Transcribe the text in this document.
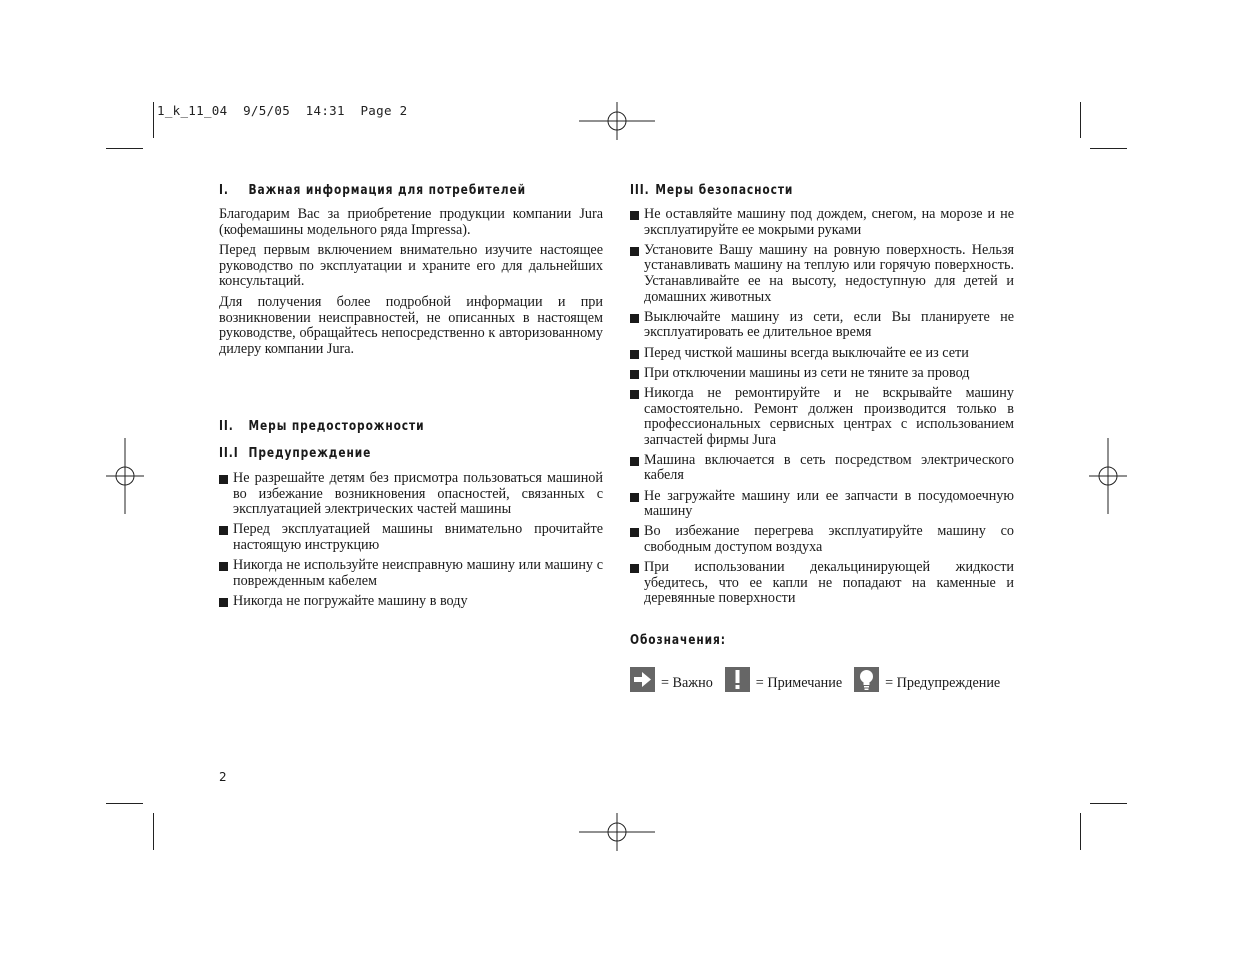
1_k_11_04  9/5/05  14:31  Page 2
I. Важная информация для потребителей

Благодарим Вас за приобретение продукции компании Jura (кофемашины модельного ряда Impressa).

Перед первым включением внимательно изучите настоящее руководство по эксплуатации и храните его для дальнейших консультаций.

Для получения более подробной информации и при возникновении неисправностей, не описанных в настоящем руководстве, обращайтесь непосредственно к авторизованному дилеру компании Jura.

II. Меры предосторожности
II.I Предупреждение
Не разрешайте детям без присмотра пользоваться машиной во избежание возникновения опасностей, связанных с эксплуатацией электрических частей машины
Перед эксплуатацией машины внимательно прочитайте настоящую инструкцию
Никогда не используйте неисправную машину или машину с поврежденным кабелем
Никогда не погружайте машину в воду
III. Меры безопасности
Не оставляйте машину под дождем, снегом, на морозе и не эксплуатируйте ее мокрыми руками
Установите Вашу машину на ровную поверхность. Нельзя устанавливать машину на теплую или горячую поверхность. Устанавливайте ее на высоту, недоступную для детей и домашних животных
Выключайте машину из сети, если Вы планируете не эксплуатировать ее длительное время
Перед чисткой машины всегда выключайте ее из сети
При отключении машины из сети не тяните за провод
Никогда не ремонтируйте и не вскрывайте машину самостоятельно. Ремонт должен производится только в профессиональных сервисных центрах с использованием запчастей фирмы Jura
Машина включается в сеть посредством электрического кабеля
Не загружайте машину или ее запчасти в посудомоечную машину
Во избежание перегрева эксплуатируйте машину со свободным доступом воздуха
При использовании декальцинирующей жидкости убедитесь, что ее капли не попадают на каменные и деревянные поверхности
Обозначения:
= Важно	= Примечание	= Предупреждение
2
